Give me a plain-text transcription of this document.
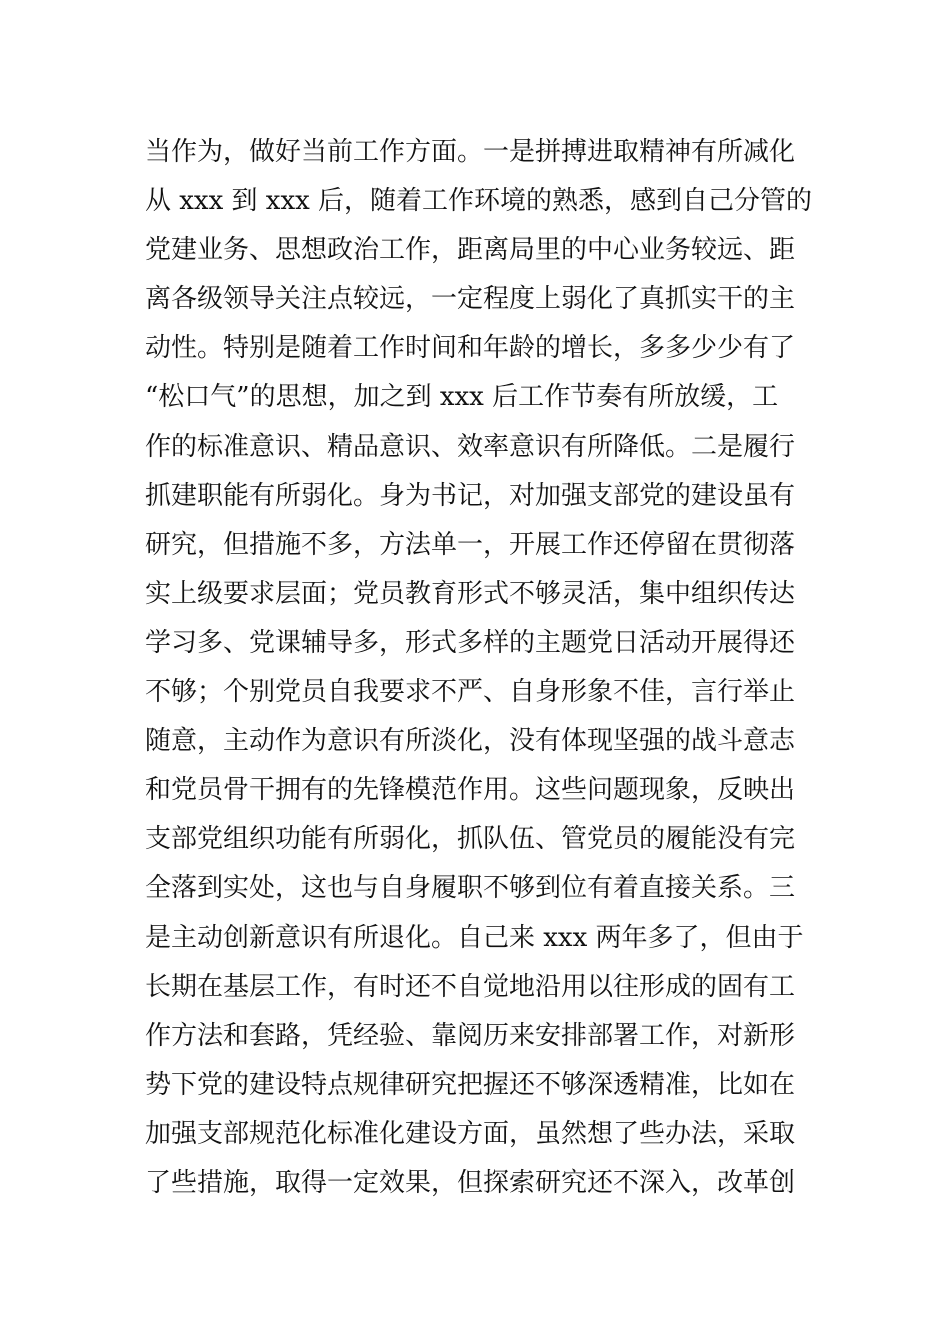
当作为，做好当前工作方面。一是拼搏进取精神有所减化
从 xxx 到 xxx 后，随着工作环境的熟悉，感到自己分管的
党建业务、思想政治工作，距离局里的中心业务较远、距
离各级领导关注点较远，一定程度上弱化了真抓实干的主
动性。特别是随着工作时间和年龄的增长，多多少少有了
“松口气”的思想，加之到 xxx 后工作节奏有所放缓，工
作的标准意识、精品意识、效率意识有所降低。二是履行
抓建职能有所弱化。身为书记，对加强支部党的建设虽有
研究，但措施不多，方法单一，开展工作还停留在贯彻落
实上级要求层面；党员教育形式不够灵活，集中组织传达
学习多、党课辅导多，形式多样的主题党日活动开展得还
不够；个别党员自我要求不严、自身形象不佳，言行举止
随意，主动作为意识有所淡化，没有体现坚强的战斗意志
和党员骨干拥有的先锋模范作用。这些问题现象，反映出
支部党组织功能有所弱化，抓队伍、管党员的履能没有完
全落到实处，这也与自身履职不够到位有着直接关系。三
是主动创新意识有所退化。自己来 xxx 两年多了，但由于
长期在基层工作，有时还不自觉地沿用以往形成的固有工
作方法和套路，凭经验、靠阅历来安排部署工作，对新形
势下党的建设特点规律研究把握还不够深透精准，比如在
加强支部规范化标准化建设方面，虽然想了些办法，采取
了些措施，取得一定效果，但探索研究还不深入，改革创
